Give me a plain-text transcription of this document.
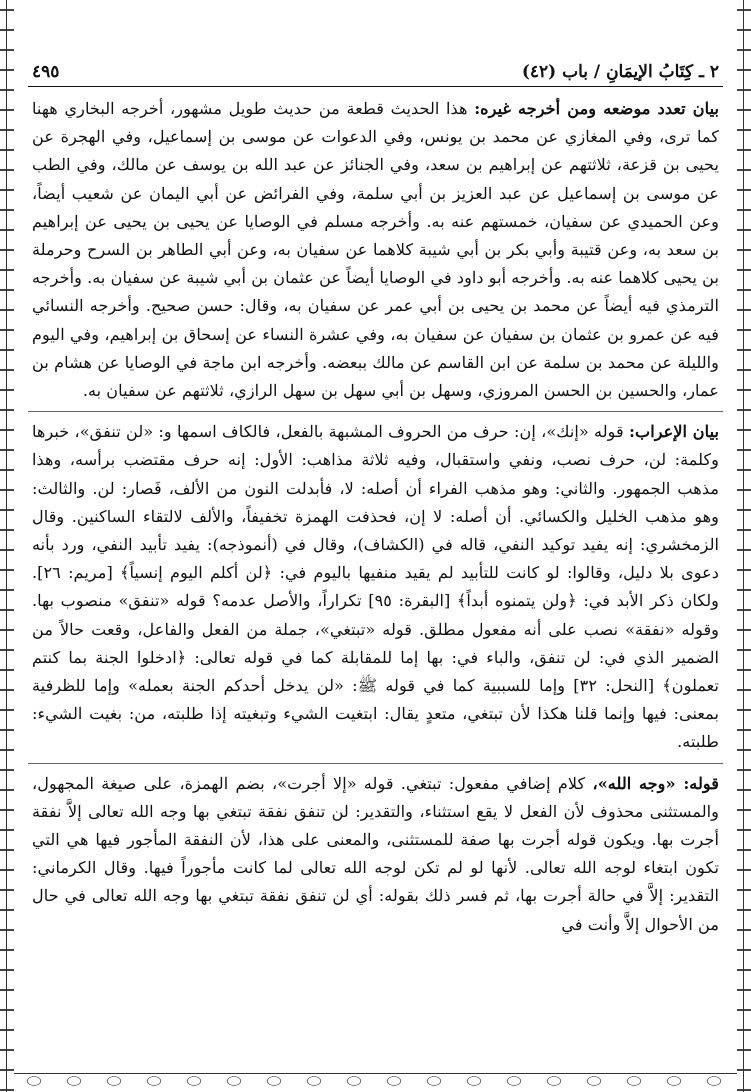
٢ ـ كِتَابُ الإيمَانِ / باب (٤٢)
٤٩٥

بيان تعدد موضعه ومن أخرجه غيره: هذا الحديث قطعة من حديث طويل مشهور، أخرجه البخاري ههنا كما ترى، وفي المغازي عن محمد بن يونس، وفي الدعوات عن موسى بن إسماعيل، وفي الهجرة عن يحيى بن قزعة، ثلاثتهم عن إبراهيم بن سعد، وفي الجنائز عن عبد الله بن يوسف عن مالك، وفي الطب عن موسى بن إسماعيل عن عبد العزيز بن أبي سلمة، وفي الفرائض عن أبي اليمان عن شعيب أيضاً، وعن الحميدي عن سفيان، خمستهم عنه به. وأخرجه مسلم في الوصايا عن يحيى بن يحيى عن إبراهيم بن سعد به، وعن قتيبة وأبي بكر بن أبي شيبة كلاهما عن سفيان به، وعن أبي الطاهر بن السرح وحرملة بن يحيى كلاهما عنه به. وأخرجه أبو داود في الوصايا أيضاً عن عثمان بن أبي شيبة عن سفيان به. وأخرجه الترمذي فيه أيضاً عن محمد بن يحيى بن أبي عمر عن سفيان به، وقال: حسن صحيح. وأخرجه النسائي فيه عن عمرو بن عثمان بن سفيان عن سفيان به، وفي عشرة النساء عن إسحاق بن إبراهيم، وفي اليوم والليلة عن محمد بن سلمة عن ابن القاسم عن مالك ببعضه. وأخرجه ابن ماجة في الوصايا عن هشام بن عمار، والحسين بن الحسن المروزي، وسهل بن أبي سهل بن سهل الرازي، ثلاثتهم عن سفيان به.

بيان الإعراب: قوله «إنك»، إن: حرف من الحروف المشبهة بالفعل، فالكاف اسمها و: «لن تنفق»، خبرها وكلمة: لن، حرف نصب، ونفي واستقبال، وفيه ثلاثة مذاهب: الأول: إنه حرف مقتضب برأسه، وهذا مذهب الجمهور. والثاني: وهو مذهب الفراء أن أصله: لا، فأبدلت النون من الألف، فَصار: لن. والثالث: وهو مذهب الخليل والكسائي. أن أصله: لا إن، فحذفت الهمزة تخفيفاً، والألف لالتقاء الساكنين. وقال الزمخشري: إنه يفيد توكيد النفي، قاله في (الكشاف)، وقال في (أنموذجه): يفيد تأبيد النفي، ورد بأنه دعوى بلا دليل، وقالوا: لو كانت للتأبيد لم يقيد منفيها باليوم في: ﴿لن أكلم اليوم إنسياً﴾ [مريم: ٢٦]. ولكان ذكر الأبد في: ﴿ولن يتمنوه أبداً﴾ [البقرة: ٩٥] تكراراً، والأصل عدمه؟ قوله «تنفق» منصوب بها. وقوله «نفقة» نصب على أنه مفعول مطلق. قوله «تبتغي»، جملة من الفعل والفاعل، وقعت حالاً من الضمير الذي في: لن تنفق، والباء في: بها إما للمقابلة كما في قوله تعالى: ﴿ادخلوا الجنة بما كنتم تعملون﴾ [النحل: ٣٢] وإما للسببية كما في قوله ﷺ: «لن يدخل أحدكم الجنة بعمله» وإما للظرفية بمعنى: فيها وإنما قلنا هكذا لأن تبتغي، متعدٍ يقال: ابتغيت الشيء وتبغيته إذا طلبته، من: بغيت الشيء: طلبته.

قوله: «وجه الله»، كلام إضافي مفعول: تبتغي. قوله «إلا أجرت»، بضم الهمزة، على صيغة المجهول، والمستثنى محذوف لأن الفعل لا يقع استثناء، والتقدير: لن تنفق نفقة تبتغي بها وجه الله تعالى إلاَّ نفقة أجرت بها. ويكون قوله أجرت بها صفة للمستثنى، والمعنى على هذا، لأن النفقة المأجور فيها هي التي تكون ابتغاء لوجه الله تعالى. لأنها لو لم تكن لوجه الله تعالى لما كانت مأجوراً فيها. وقال الكرماني: التقدير: إلاَّ في حالة أجرت بها، ثم فسر ذلك بقوله: أي لن تنفق نفقة تبتغي بها وجه الله تعالى في حال من الأحوال إلاَّ وأنت في
